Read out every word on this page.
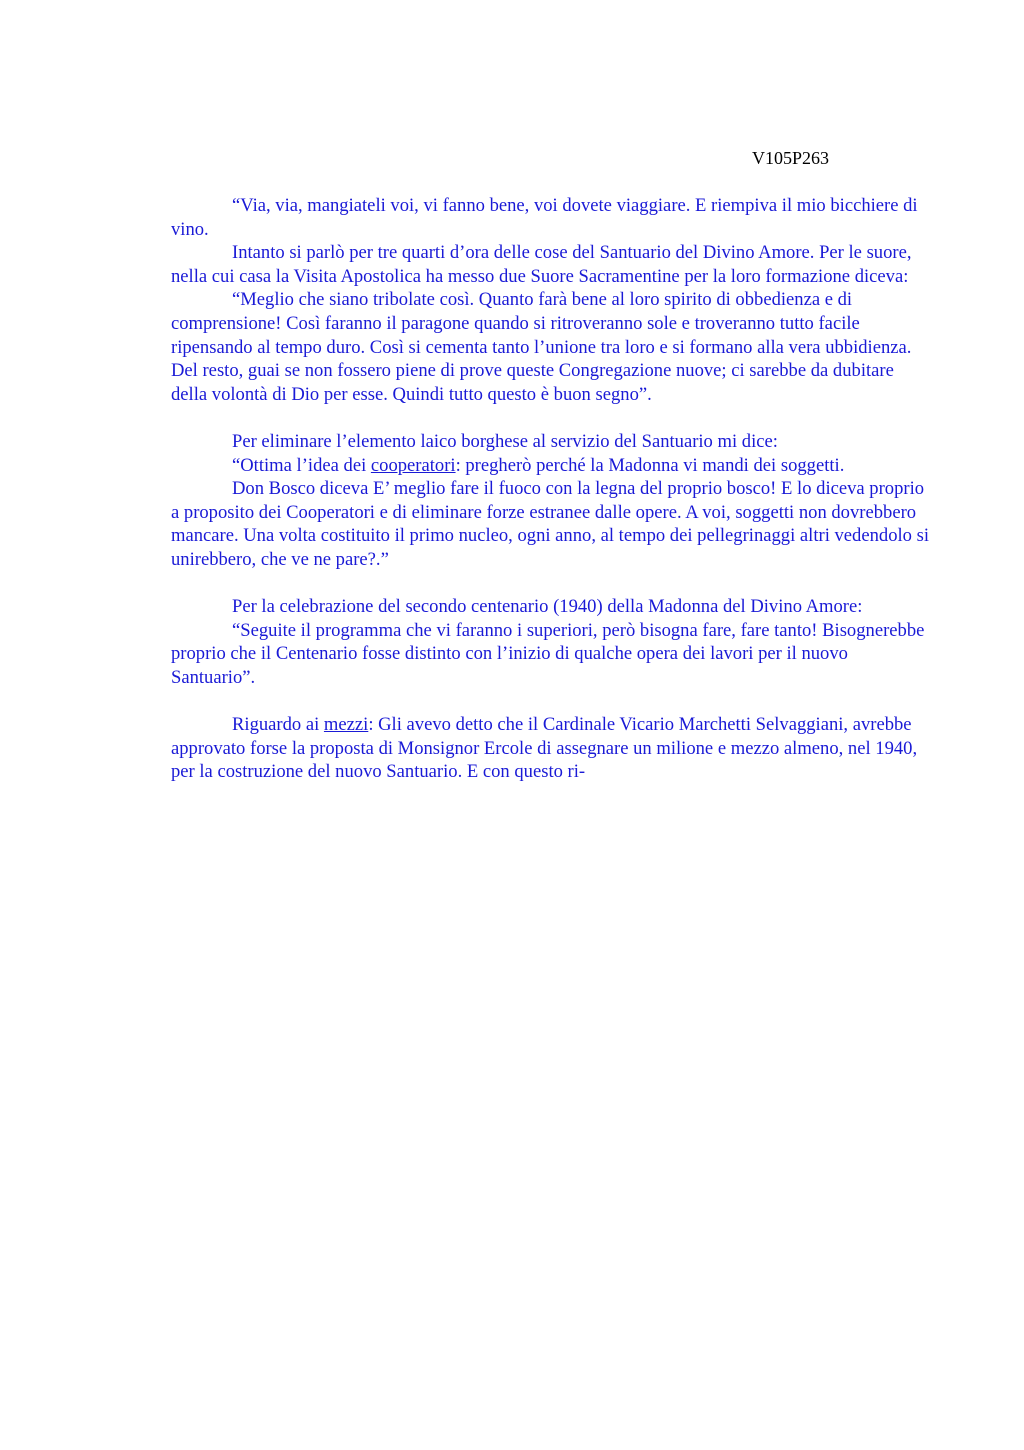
V105P263

“Via, via, mangiateli voi, vi fanno bene, voi dovete viaggiare. E riempiva il mio bicchiere di vino.

Intanto si parlò per tre quarti d’ora delle cose del Santuario del Divino Amore. Per le suore, nella cui casa la Visita Apostolica ha messo due Suore Sacramentine per la loro formazione diceva:

“Meglio che siano tribolate così. Quanto farà bene al loro spirito di obbedienza e di comprensione! Così faranno il paragone quando si ritroveranno sole e troveranno tutto facile ripensando al tempo duro. Così si cementa tanto l’unione tra loro e si formano alla vera ubbidienza. Del resto, guai se non fossero piene di prove queste Congregazione nuove; ci sarebbe da dubitare della volontà di Dio per esse. Quindi tutto questo è buon segno”.

Per eliminare l’elemento laico borghese al servizio del Santuario mi dice:

“Ottima l’idea dei cooperatori: pregherò perché la Madonna vi mandi dei soggetti.

Don Bosco diceva E’ meglio fare il fuoco con la legna del proprio bosco! E lo diceva proprio a proposito dei Cooperatori e di eliminare forze estranee dalle opere. A voi, soggetti non dovrebbero mancare. Una volta costituito il primo nucleo, ogni anno, al tempo dei pellegrinaggi altri vedendolo si unirebbero, che ve ne pare?.”

Per la celebrazione del secondo centenario (1940) della Madonna del Divino Amore:

“Seguite il programma che vi faranno i superiori, però bisogna fare, fare tanto! Bisognerebbe proprio che il Centenario fosse distinto con l’inizio di qualche opera dei lavori per il nuovo Santuario”.

Riguardo ai mezzi: Gli avevo detto che il Cardinale Vicario Marchetti Selvaggiani, avrebbe approvato forse la proposta di Monsignor Ercole di assegnare un milione e mezzo almeno, nel 1940, per la costruzione del nuovo Santuario. E con questo ri-
